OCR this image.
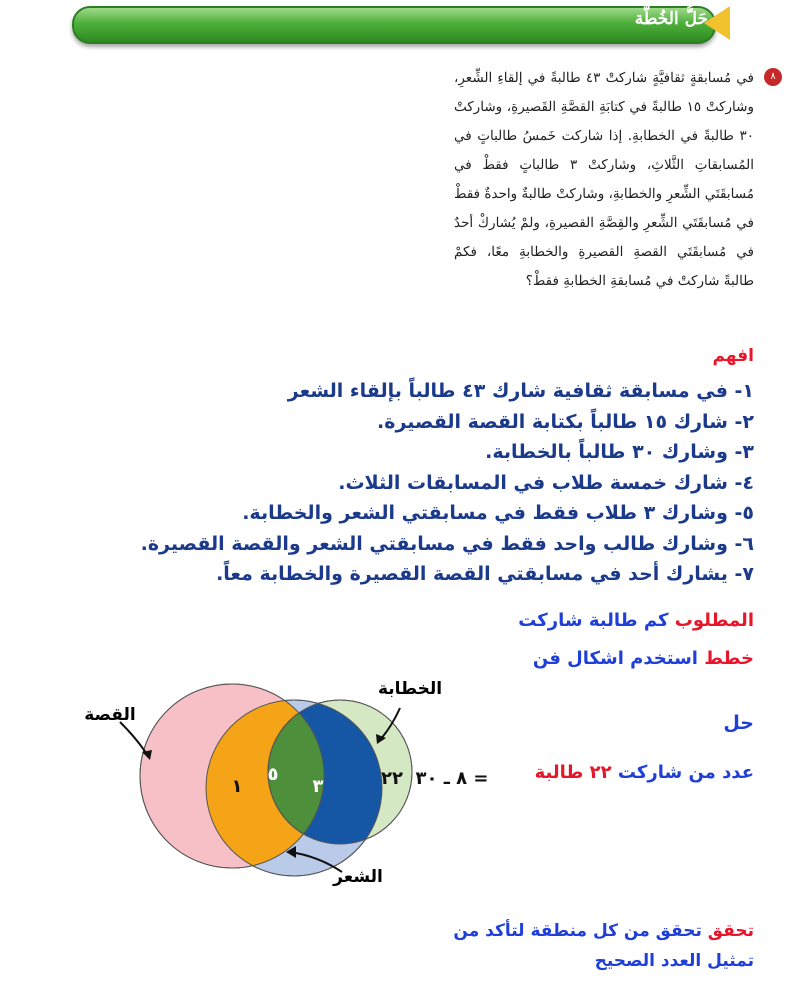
حَلُّ الخُطَّة
٨
في مُسابقةٍ ثقافيَّةٍ شاركتْ ٤٣ طالبةً في إلقاءِ الشِّعرِ، وشاركتْ ١٥ طالبةً في كتابَةِ القصَّةِ القَصيرةِ، وشاركتْ ٣٠ طالبةً في الخطابةِ. إذا شاركت خَمسُ طالباتٍ في المُسابقاتِ الثَّلاثِ، وشاركتْ ٣ طالباتٍ فقطْ في مُسابقَتَي الشِّعرِ والخطابةِ، وشاركتْ طالبةٌ واحدةٌ فقطْ في مُسابقَتَي الشِّعرِ والقِصَّةِ القصيرةِ، ولمْ يُشاركْ أحدٌ في مُسابقَتَي القصةِ القصيرةِ والخطابةِ معًا، فكمْ طالبةً شاركتْ في مُسابقةِ الخطابةِ فقطْ؟
افهم
١- في مسابقة ثقافية شارك ٤٣ طالباً بإلقاء الشعر
٢- شارك ١٥ طالباً بكتابة القصة القصيرة.
٣- وشارك ٣٠ طالباً بالخطابة.
٤- شارك خمسة طلاب في المسابقات الثلاث.
٥- وشارك ٣ طلاب فقط في مسابقتي الشعر والخطابة.
٦- وشارك طالب واحد فقط في مسابقتي الشعر والقصة القصيرة.
٧- يشارك أحد في مسابقتي القصة القصيرة والخطابة معاً.
المطلوب كم طالبة شاركت
خطط استخدم اشكال فن
حل
عدد من شاركت ٢٢ طالبة
القصة
الخطابة
الشعر
١
٥
٣	٢٢ = ٨ ـ ٣٠
تحقق تحقق من كل منطقة لتأكد من تمثيل العدد الصحيح
